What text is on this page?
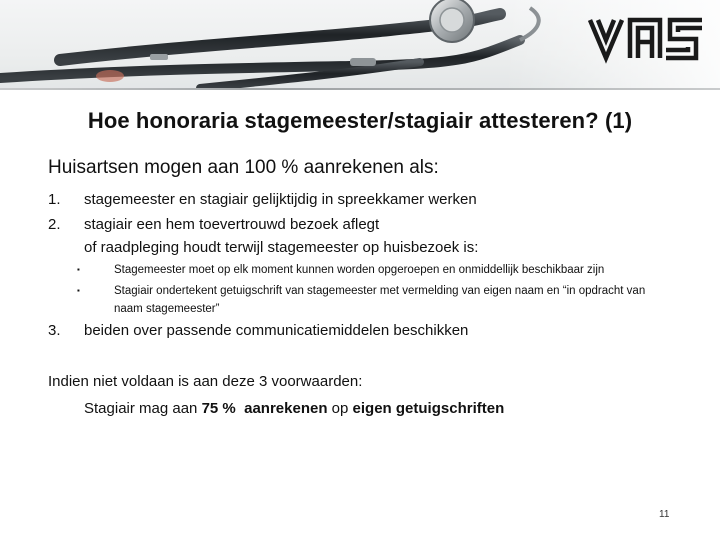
Hoe honoraria stagemeester/stagiair attesteren? (1)
Huisartsen mogen aan 100 % aanrekenen als:
1. stagemeester en stagiair gelijktijdig in spreekkamer werken
2. stagiair een hem toevertrouwd bezoek aflegt
of raadpleging houdt terwijl stagemeester op huisbezoek is:
▪	Stagemeester moet op elk moment kunnen worden opgeroepen en onmiddellijk beschikbaar zijn
▪	Stagiair ondertekent getuigschrift van stagemeester met vermelding van eigen naam en “in opdracht van naam stagemeester”
3. beiden over passende communicatiemiddelen beschikken
Indien niet voldaan is aan deze 3 voorwaarden:
Stagiair mag aan 75 % aanrekenen op eigen getuigschriften
11
